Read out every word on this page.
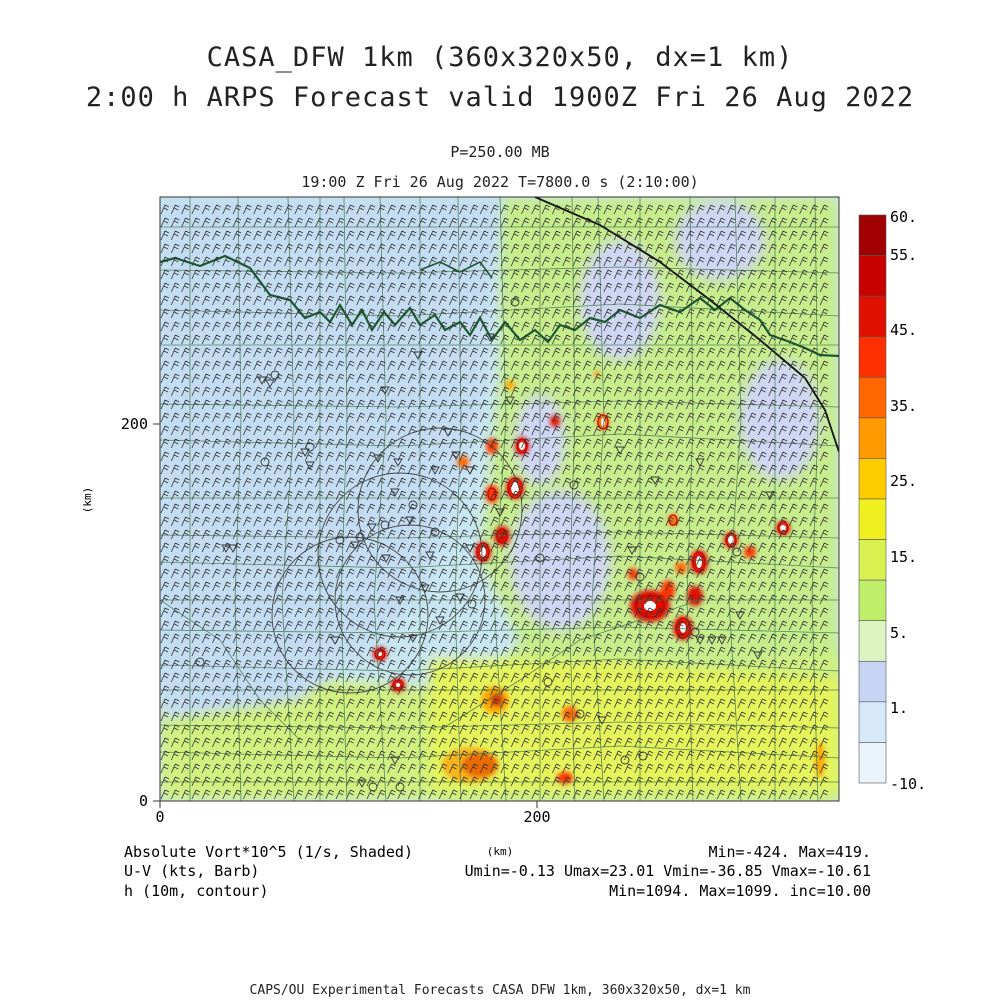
CASA_DFW 1km (360x320x50, dx=1 km)
2:00 h ARPS Forecast valid 1900Z Fri 26 Aug 2022
P=250.00 MB
19:00 Z Fri 26 Aug 2022 T=7800.0 s (2:10:00)
0	200
0
200
(km)
(km)
60.
55.
45.
35.
25.
15.
5.
1.
-10.
Absolute Vort*10^5 (1/s, Shaded)	Min=-424. Max=419.
U-V (kts, Barb)	Umin=-0.13 Umax=23.01 Vmin=-36.85 Vmax=-10.61
h (10m, contour)	Min=1094. Max=1099. inc=10.00
CAPS/OU Experimental Forecasts CASA DFW 1km, 360x320x50, dx=1 km
